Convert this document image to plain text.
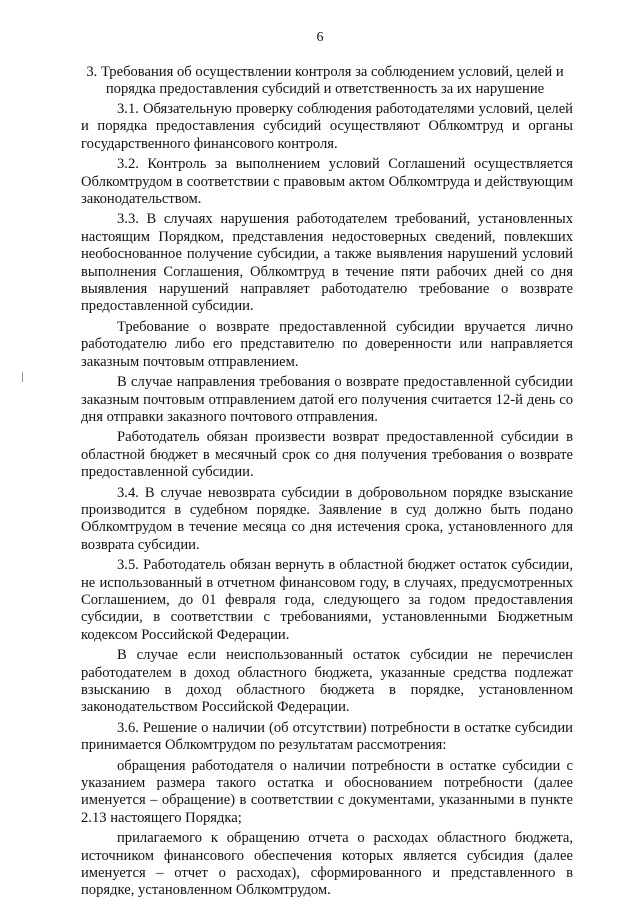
6
3. Требования об осуществлении контроля за соблюдением условий, целей и порядка предоставления субсидий и ответственность за их нарушение

3.1. Обязательную проверку соблюдения работодателями условий, целей и порядка предоставления субсидий осуществляют Облкомтруд и органы государственного финансового контроля.

3.2. Контроль за выполнением условий Соглашений осуществляется Облкомтрудом в соответствии с правовым актом Облкомтруда и действующим законодательством.

3.3. В случаях нарушения работодателем требований, установленных настоящим Порядком, представления недостоверных сведений, повлекших необоснованное получение субсидии, а также выявления нарушений условий выполнения Соглашения, Облкомтруд в течение пяти рабочих дней со дня выявления нарушений направляет работодателю требование о возврате предоставленной субсидии.

Требование о возврате предоставленной субсидии вручается лично работодателю либо его представителю по доверенности или направляется заказным почтовым отправлением.

В случае направления требования о возврате предоставленной субсидии заказным почтовым отправлением датой его получения считается 12-й день со дня отправки заказного почтового отправления.

Работодатель обязан произвести возврат предоставленной субсидии в областной бюджет в месячный срок со дня получения требования о возврате предоставленной субсидии.

3.4. В случае невозврата субсидии в добровольном порядке взыскание производится в судебном порядке. Заявление в суд должно быть подано Облкомтрудом в течение месяца со дня истечения срока, установленного для возврата субсидии.

3.5. Работодатель обязан вернуть в областной бюджет остаток субсидии, не использованный в отчетном финансовом году, в случаях, предусмотренных Соглашением, до 01 февраля года, следующего за годом предоставления субсидии, в соответствии с требованиями, установленными Бюджетным кодексом Российской Федерации.

В случае если неиспользованный остаток субсидии не перечислен работодателем в доход областного бюджета, указанные средства подлежат взысканию в доход областного бюджета в порядке, установленном законодательством Российской Федерации.

3.6. Решение о наличии (об отсутствии) потребности в остатке субсидии принимается Облкомтрудом по результатам рассмотрения:

обращения работодателя о наличии потребности в остатке субсидии с указанием размера такого остатка и обоснованием потребности (далее именуется – обращение) в соответствии с документами, указанными в пункте 2.13 настоящего Порядка;

прилагаемого к обращению отчета о расходах областного бюджета, источником финансового обеспечения которых является субсидия (далее именуется – отчет о расходах), сформированного и представленного в порядке, установленном Облкомтрудом.
